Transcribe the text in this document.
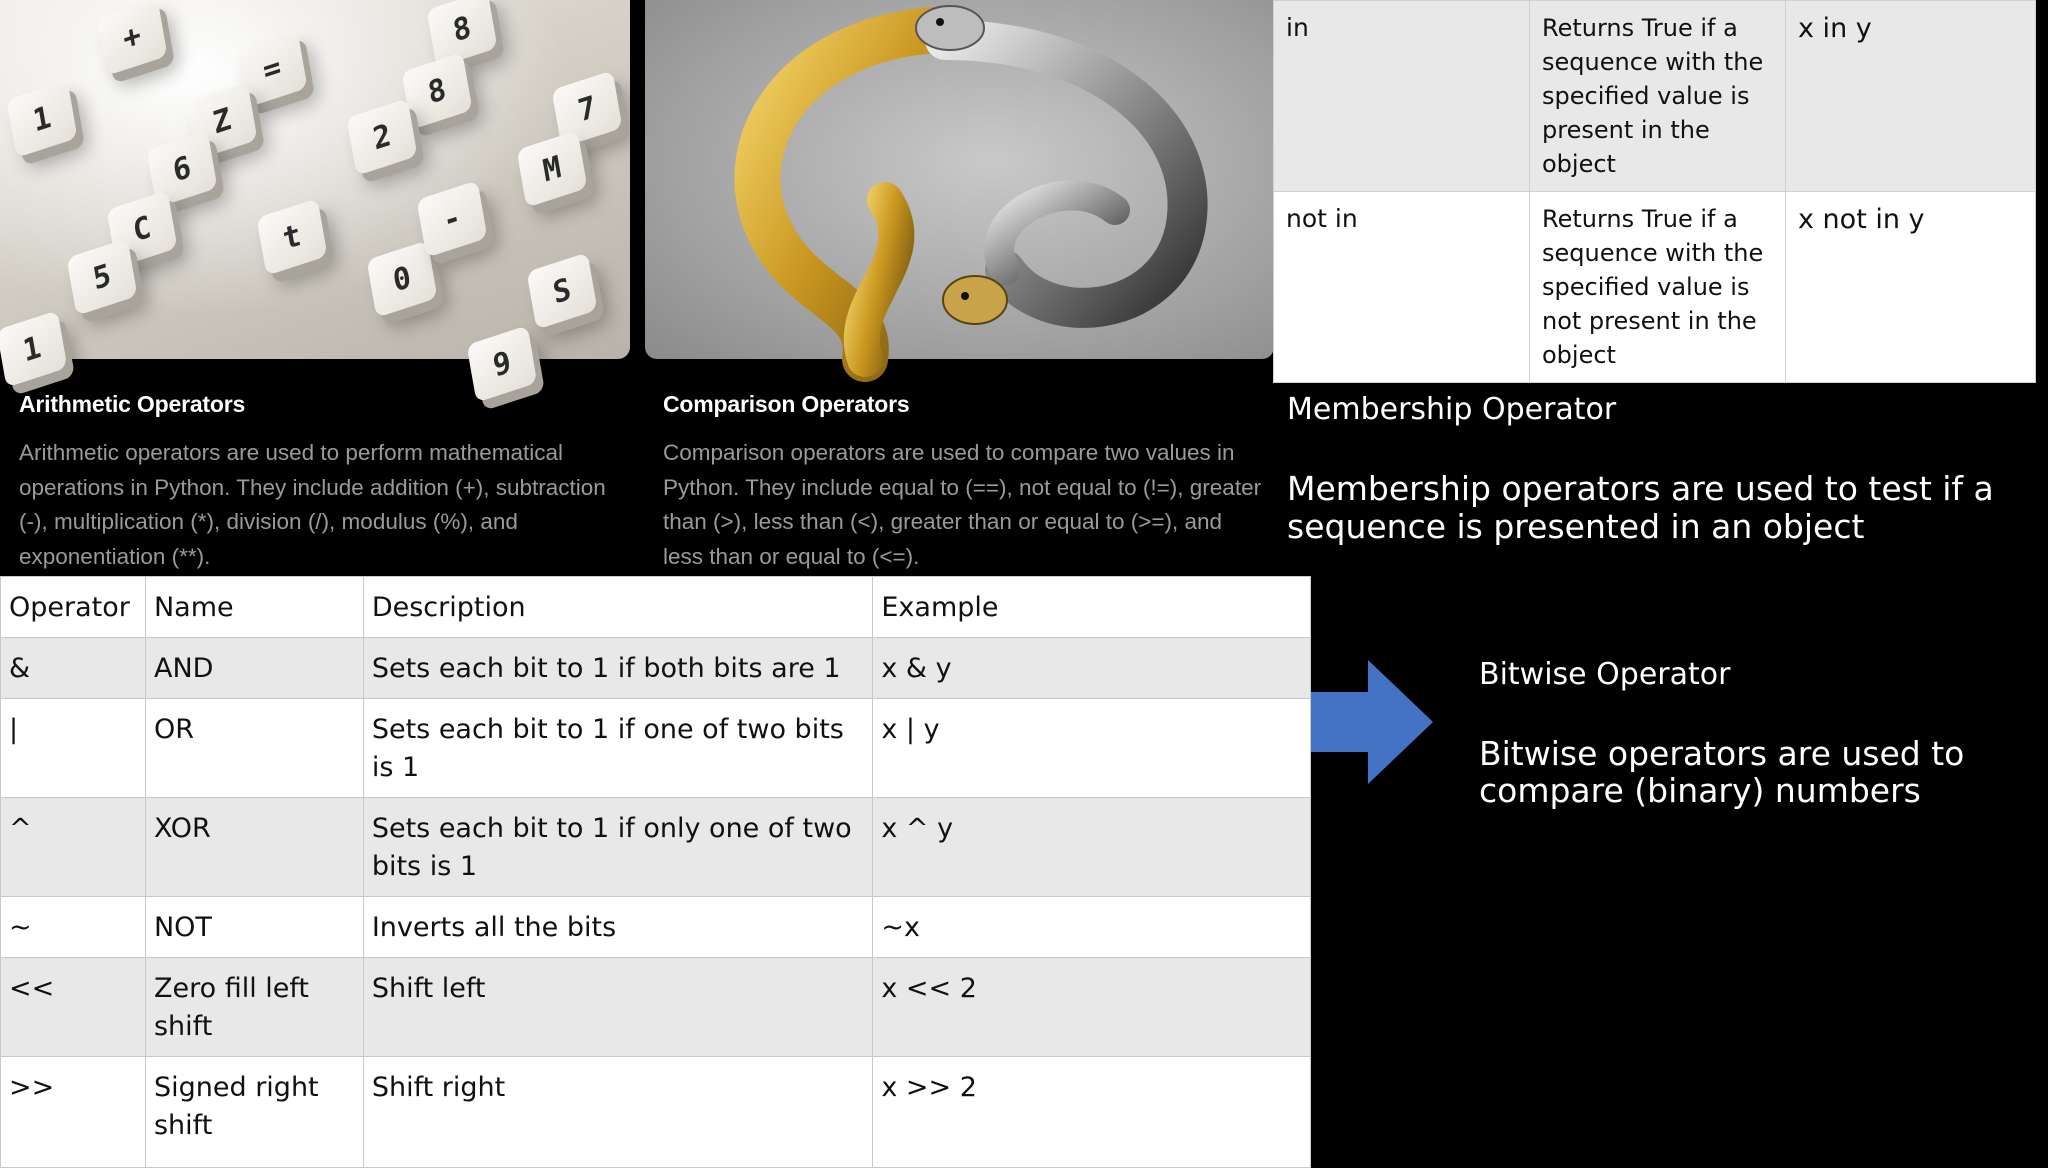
+	8
=
8
1	Z	2
7
M
6
C	t
0	S
5
1	9
-
Arithmetic Operators
Arithmetic operators are used to perform mathematical operations in Python. They include addition (+), subtraction (-), multiplication (*), division (/), modulus (%), and exponentiation (**).
Comparison Operators
Comparison operators are used to compare two values in Python. They include equal to (==), not equal to (!=), greater than (>), less than (<), greater than or equal to (>=), and less than or equal to (<=).
Operator	Name	Description	Example
&	AND	Sets each bit to 1 if both bits are 1	x & y
|	OR	Sets each bit to 1 if one of two bits is 1	x | y
^	XOR	Sets each bit to 1 if only one of two bits is 1	x ^ y
~	NOT	Inverts all the bits	~x
<<	Zero fill left shift	Shift left	x << 2
>>	Signed right shift	Shift right	x >> 2
in	Returns True if a sequence with the specified value is present in the object	x in y
not in	Returns True if a sequence with the specified value is not present in the object	x not in y
Membership Operator
Membership operators are used to test if a sequence is presented in an object
Bitwise Operator
Bitwise operators are used to compare (binary) numbers
